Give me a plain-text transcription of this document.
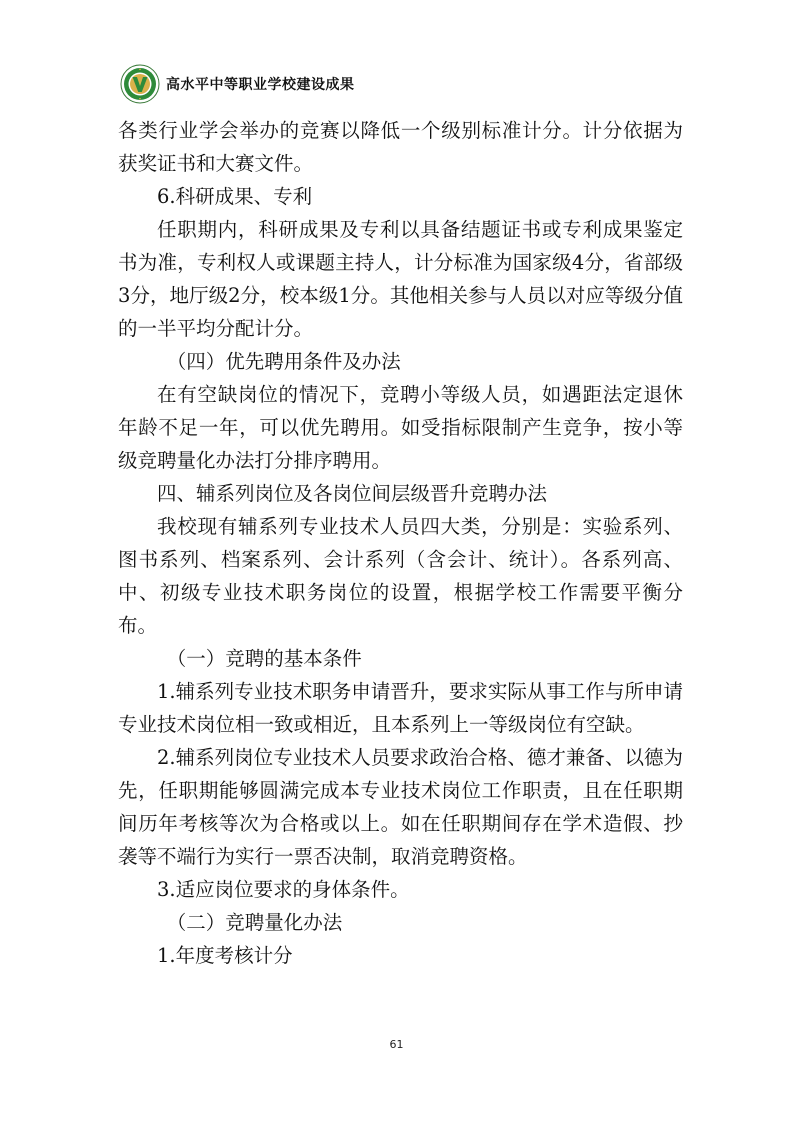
高水平中等职业学校建设成果

各类行业学会举办的竞赛以降低一个级别标准计分。计分依据为获奖证书和大赛文件。

6.科研成果、专利

任职期内，科研成果及专利以具备结题证书或专利成果鉴定书为准，专利权人或课题主持人，计分标准为国家级4分，省部级3分，地厅级2分，校本级1分。其他相关参与人员以对应等级分值的一半平均分配计分。

（四）优先聘用条件及办法

在有空缺岗位的情况下，竞聘小等级人员，如遇距法定退休年龄不足一年，可以优先聘用。如受指标限制产生竞争，按小等级竞聘量化办法打分排序聘用。

四、辅系列岗位及各岗位间层级晋升竞聘办法

我校现有辅系列专业技术人员四大类，分别是：实验系列、图书系列、档案系列、会计系列（含会计、统计）。各系列高、中、初级专业技术职务岗位的设置，根据学校工作需要平衡分布。

（一）竞聘的基本条件

1.辅系列专业技术职务申请晋升，要求实际从事工作与所申请专业技术岗位相一致或相近，且本系列上一等级岗位有空缺。

2.辅系列岗位专业技术人员要求政治合格、德才兼备、以德为先，任职期能够圆满完成本专业技术岗位工作职责，且在任职期间历年考核等次为合格或以上。如在任职期间存在学术造假、抄袭等不端行为实行一票否决制，取消竞聘资格。

3.适应岗位要求的身体条件。

（二）竞聘量化办法

1.年度考核计分

61
